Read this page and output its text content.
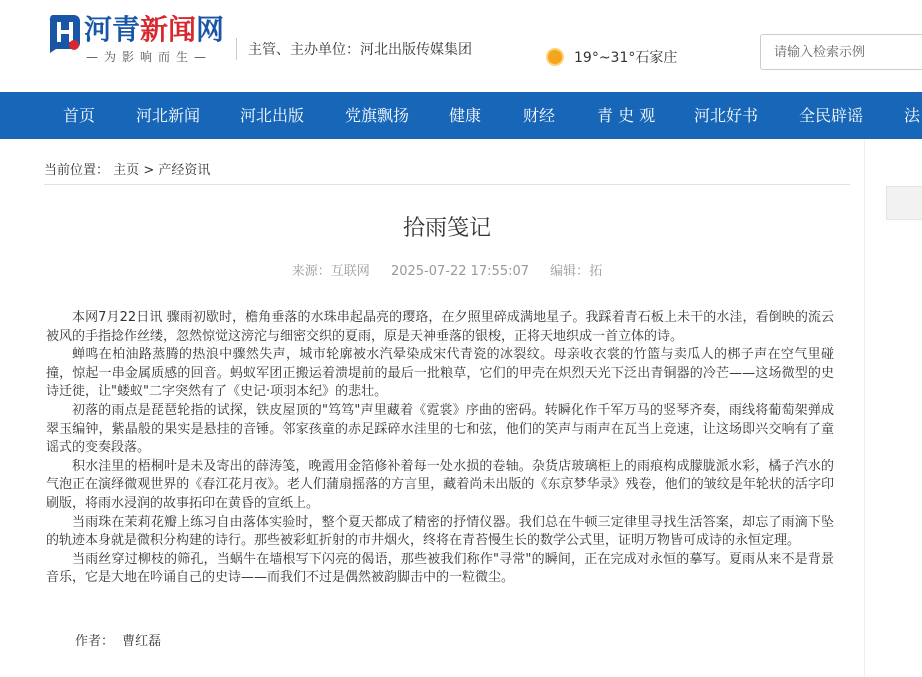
河青新闻网
—为影响而生—	主管、主办单位：河北出版传媒集团	19°~31°石家庄
请输入检索示例
首页	河北新闻 河北出版	党旗飘扬 健康	财经	青 史 观 河北好书	全民辟谣	法
当前位置： 主页 > 产经资讯
拾雨笺记
来源：互联网 2025-07-22 17:55:07 编辑：拓

本网7月22日讯 骤雨初歇时，檐角垂落的水珠串起晶亮的璎珞，在夕照里碎成满地星子。我踩着青石板上未干的水洼，看倒映的流云被风的手指捻作丝缕，忽然惊觉这滂沱与细密交织的夏雨，原是天神垂落的银梭，正将天地织成一首立体的诗。

蝉鸣在柏油路蒸腾的热浪中骤然失声，城市轮廓被水汽晕染成宋代青瓷的冰裂纹。母亲收衣裳的竹篮与卖瓜人的梆子声在空气里碰撞，惊起一串金属质感的回音。蚂蚁军团正搬运着溃堤前的最后一批粮草，它们的甲壳在炽烈天光下泛出青铜器的冷芒——这场微型的史诗迁徙，让"蝼蚁"二字突然有了《史记·项羽本纪》的悲壮。

初落的雨点是琵琶轮指的试探，铁皮屋顶的"笃笃"声里藏着《霓裳》序曲的密码。转瞬化作千军万马的竖琴齐奏，雨线将葡萄架弹成翠玉编钟，紫晶般的果实是悬挂的音锤。邻家孩童的赤足踩碎水洼里的七和弦，他们的笑声与雨声在瓦当上竞速，让这场即兴交响有了童谣式的变奏段落。

积水洼里的梧桐叶是未及寄出的薛涛笺，晚霞用金箔修补着每一处水损的卷轴。杂货店玻璃柜上的雨痕构成朦胧派水彩，橘子汽水的气泡正在演绎微观世界的《春江花月夜》。老人们蒲扇摇落的方言里，藏着尚未出版的《东京梦华录》残卷，他们的皱纹是年轮状的活字印刷版，将雨水浸润的故事拓印在黄昏的宣纸上。

当雨珠在茉莉花瓣上练习自由落体实验时，整个夏天都成了精密的抒情仪器。我们总在牛顿三定律里寻找生活答案，却忘了雨滴下坠的轨迹本身就是微积分构建的诗行。那些被彩虹折射的市井烟火，终将在青苔慢生长的数学公式里，证明万物皆可成诗的永恒定理。

当雨丝穿过柳枝的筛孔，当蜗牛在墙根写下闪亮的偈语，那些被我们称作"寻常"的瞬间，正在完成对永恒的摹写。夏雨从来不是背景音乐，它是大地在吟诵自己的史诗——而我们不过是偶然被韵脚击中的一粒微尘。

作者： 曹红磊
